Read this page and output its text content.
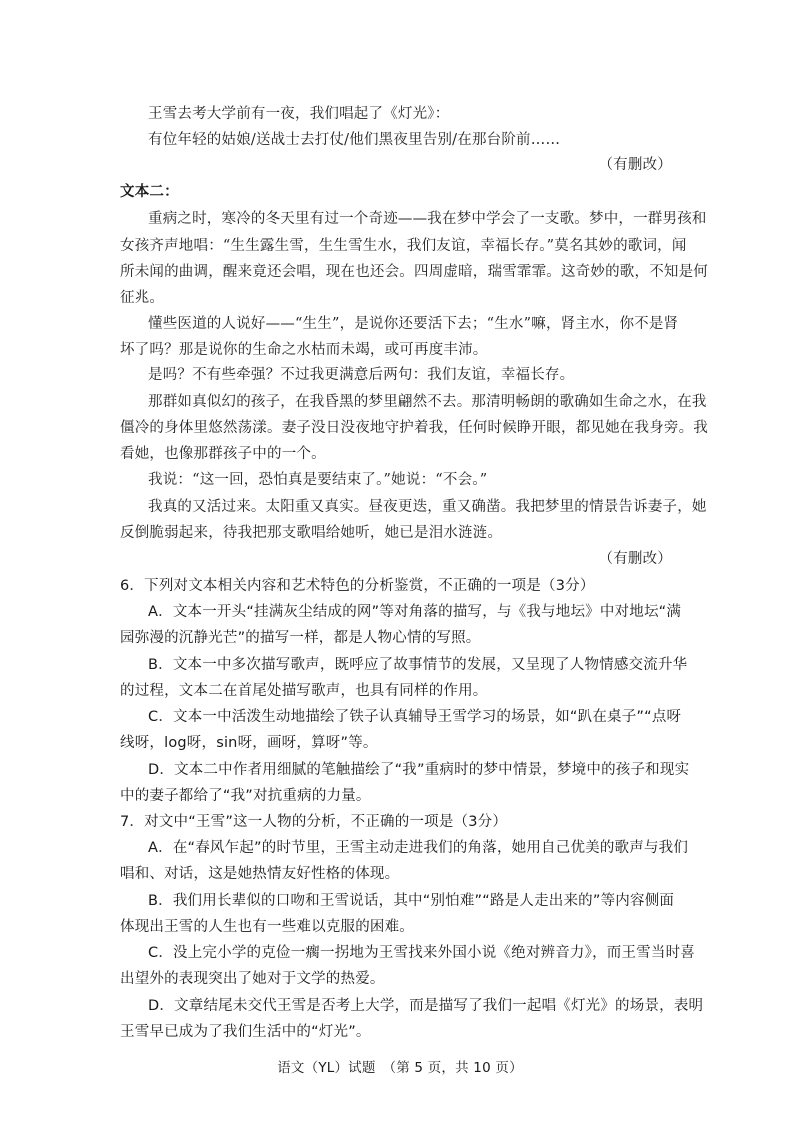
王雪去考大学前有一夜，我们唱起了《灯光》：
有位年轻的姑娘/送战士去打仗/他们黑夜里告别/在那台阶前……
（有删改）
文本二：
重病之时，寒冷的冬天里有过一个奇迹——我在梦中学会了一支歌。梦中，一群男孩和
女孩齐声地唱：“生生露生雪，生生雪生水，我们友谊，幸福长存。”莫名其妙的歌词，闻
所未闻的曲调，醒来竟还会唱，现在也还会。四周虚暗，瑞雪霏霏。这奇妙的歌，不知是何
征兆。
懂些医道的人说好——“生生”，是说你还要活下去；“生水”嘛，肾主水，你不是肾
坏了吗？那是说你的生命之水枯而未竭，或可再度丰沛。
是吗？不有些牵强？不过我更满意后两句：我们友谊，幸福长存。
那群如真似幻的孩子，在我昏黑的梦里翩然不去。那清明畅朗的歌确如生命之水，在我
僵冷的身体里悠然荡漾。妻子没日没夜地守护着我，任何时候睁开眼，都见她在我身旁。我
看她，也像那群孩子中的一个。
我说：“这一回，恐怕真是要结束了。”她说：“不会。”
我真的又活过来。太阳重又真实。昼夜更迭，重又确凿。我把梦里的情景告诉妻子，她
反倒脆弱起来，待我把那支歌唱给她听，她已是泪水涟涟。
（有删改）
6．下列对文本相关内容和艺术特色的分析鉴赏，不正确的一项是（3分）
A．文本一开头“挂满灰尘结成的网”等对角落的描写，与《我与地坛》中对地坛“满
园弥漫的沉静光芒”的描写一样，都是人物心情的写照。
B．文本一中多次描写歌声，既呼应了故事情节的发展，又呈现了人物情感交流升华
的过程，文本二在首尾处描写歌声，也具有同样的作用。
C．文本一中活泼生动地描绘了铁子认真辅导王雪学习的场景，如“趴在桌子”“点呀
线呀，log呀，sin呀，画呀，算呀”等。
D．文本二中作者用细腻的笔触描绘了“我”重病时的梦中情景，梦境中的孩子和现实
中的妻子都给了“我”对抗重病的力量。
7．对文中“王雪”这一人物的分析，不正确的一项是（3分）
A．在“春风乍起”的时节里，王雪主动走进我们的角落，她用自己优美的歌声与我们
唱和、对话，这是她热情友好性格的体现。
B．我们用长辈似的口吻和王雪说话，其中“别怕难”“路是人走出来的”等内容侧面
体现出王雪的人生也有一些难以克服的困难。
C．没上完小学的克俭一瘸一拐地为王雪找来外国小说《绝对辨音力》，而王雪当时喜
出望外的表现突出了她对于文学的热爱。
D．文章结尾未交代王雪是否考上大学，而是描写了我们一起唱《灯光》的场景，表明
王雪早已成为了我们生活中的“灯光”。
语文（YL）试题　（第 5 页，共 10 页）
